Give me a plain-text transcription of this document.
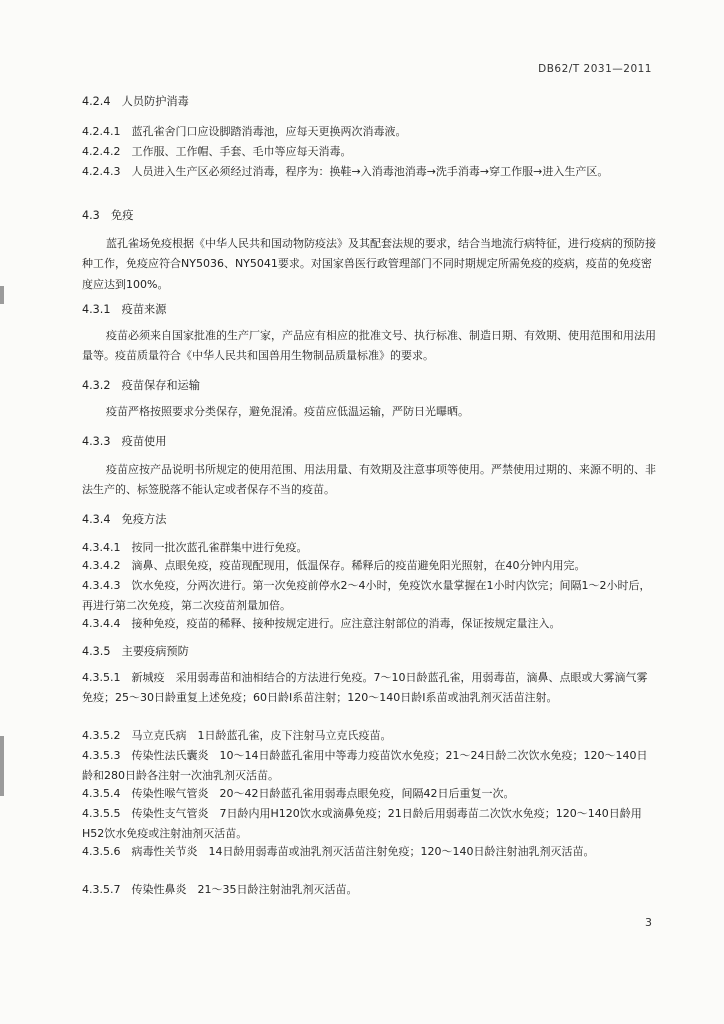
DB62/T 2031—2011
4.2.4　 人员防护消毒
4.2.4.1　 蓝孔雀舍门口应设脚踏消毒池，应每天更换两次消毒液。
4.2.4.2　 工作服、工作帽、手套、毛巾等应每天消毒。
4.2.4.3　 人员进入生产区必须经过消毒，程序为：换鞋→入消毒池消毒→洗手消毒→穿工作服→进入生产区。
4.3　 免疫
蓝孔雀场免疫根据《中华人民共和国动物防疫法》及其配套法规的要求，结合当地流行病特征，进行疫病的预防接种工作，免疫应符合NY5036、NY5041要求。对国家兽医行政管理部门不同时期规定所需免疫的疫病，疫苗的免疫密度应达到100%。
4.3.1　 疫苗来源
疫苗必须来自国家批准的生产厂家，产品应有相应的批准文号、执行标准、制造日期、有效期、使用范围和用法用量等。疫苗质量符合《中华人民共和国兽用生物制品质量标准》的要求。
4.3.2　 疫苗保存和运输
疫苗严格按照要求分类保存，避免混淆。疫苗应低温运输，严防日光曝晒。
4.3.3　 疫苗使用
疫苗应按产品说明书所规定的使用范围、用法用量、有效期及注意事项等使用。严禁使用过期的、来源不明的、非法生产的、标签脱落不能认定或者保存不当的疫苗。
4.3.4　 免疫方法
4.3.4.1　 按同一批次蓝孔雀群集中进行免疫。
4.3.4.2　 滴鼻、点眼免疫，疫苗现配现用，低温保存。稀释后的疫苗避免阳光照射，在40分钟内用完。
4.3.4.3　 饮水免疫，分两次进行。第一次免疫前停水2～4小时，免疫饮水量掌握在1小时内饮完；间隔1～2小时后，再进行第二次免疫，第二次疫苗剂量加倍。
4.3.4.4　 接种免疫，疫苗的稀释、接种按规定进行。应注意注射部位的消毒，保证按规定量注入。
4.3.5　 主要疫病预防
4.3.5.1　 新城疫　采用弱毒苗和油相结合的方法进行免疫。7～10日龄蓝孔雀，用弱毒苗，滴鼻、点眼或大雾滴气雾免疫；25～30日龄重复上述免疫；60日龄Ⅰ系苗注射；120～140日龄Ⅰ系苗或油乳剂灭活苗注射。
4.3.5.2　 马立克氏病　1日龄蓝孔雀，皮下注射马立克氏疫苗。
4.3.5.3　 传染性法氏囊炎　10～14日龄蓝孔雀用中等毒力疫苗饮水免疫；21～24日龄二次饮水免疫；120～140日龄和280日龄各注射一次油乳剂灭活苗。
4.3.5.4　 传染性喉气管炎　20～42日龄蓝孔雀用弱毒点眼免疫，间隔42日后重复一次。
4.3.5.5　 传染性支气管炎　7日龄内用H120饮水或滴鼻免疫；21日龄后用弱毒苗二次饮水免疫；120～140日龄用H52饮水免疫或注射油剂灭活苗。
4.3.5.6　 病毒性关节炎　14日龄用弱毒苗或油乳剂灭活苗注射免疫；120～140日龄注射油乳剂灭活苗。
4.3.5.7　 传染性鼻炎　21～35日龄注射油乳剂灭活苗。
3
